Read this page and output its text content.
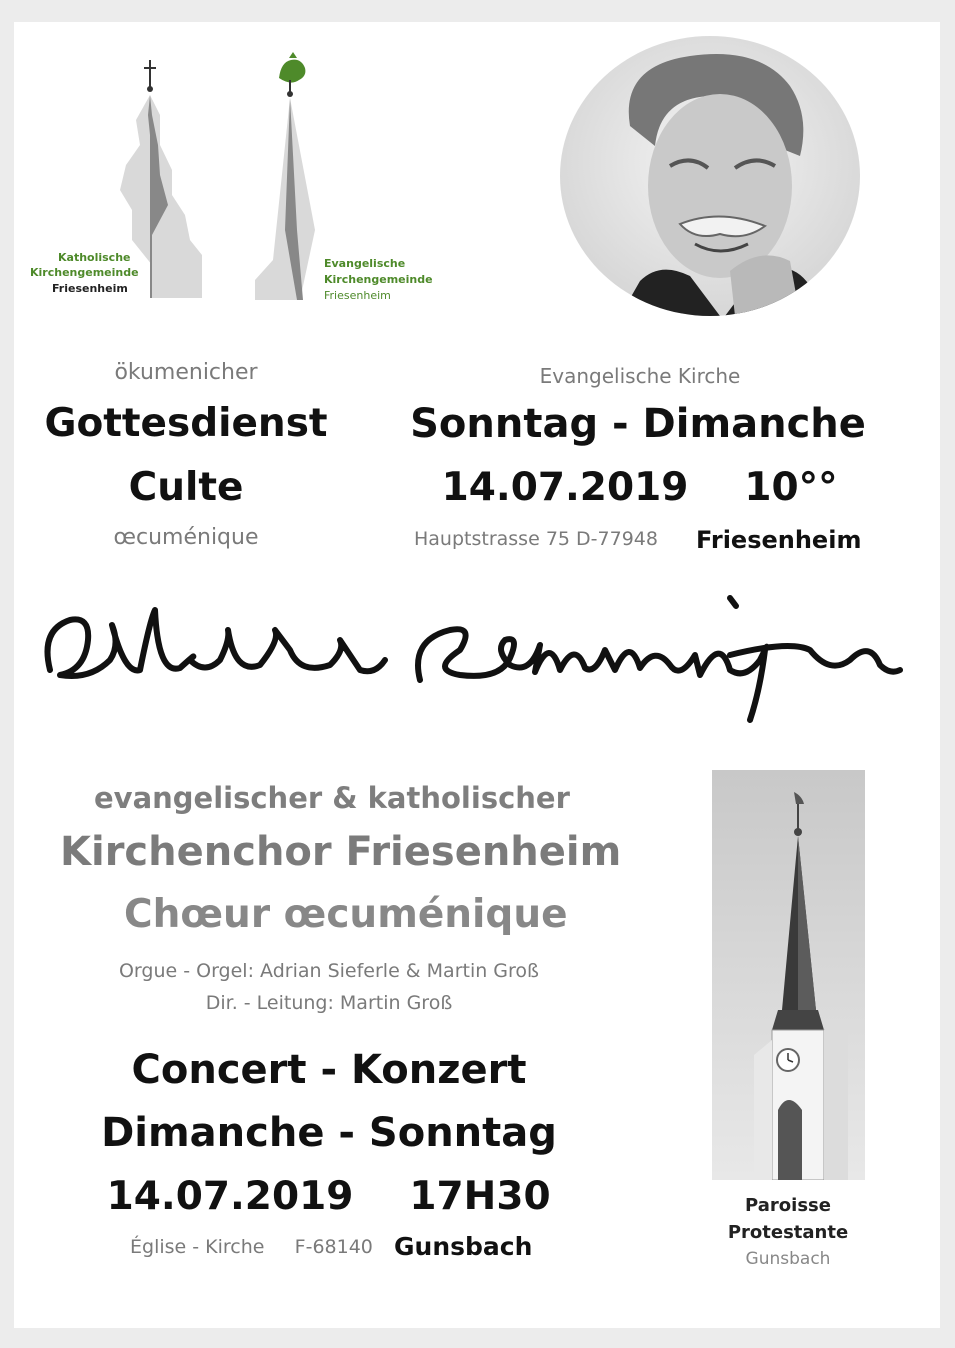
Katholische
Kirchengemeinde
Friesenheim
Evangelische
Kirchengemeinde
Friesenheim
ökumenicher
Gottesdienst
Culte
œcuménique
Evangelische Kirche
Sonntag - Dimanche
14.07.2019 10°°
Hauptstrasse 75 D-77948 Friesenheim
evangelischer & katholischer
Kirchenchor Friesenheim
Chœur œcuménique
Orgue - Orgel: Adrian Sieferle & Martin Groß
Dir. - Leitung: Martin Groß
Concert - Konzert
Dimanche - Sonntag
14.07.2019 17H30
Église - Kirche     F-68140 Gunsbach
Paroisse
Protestante
Gunsbach
